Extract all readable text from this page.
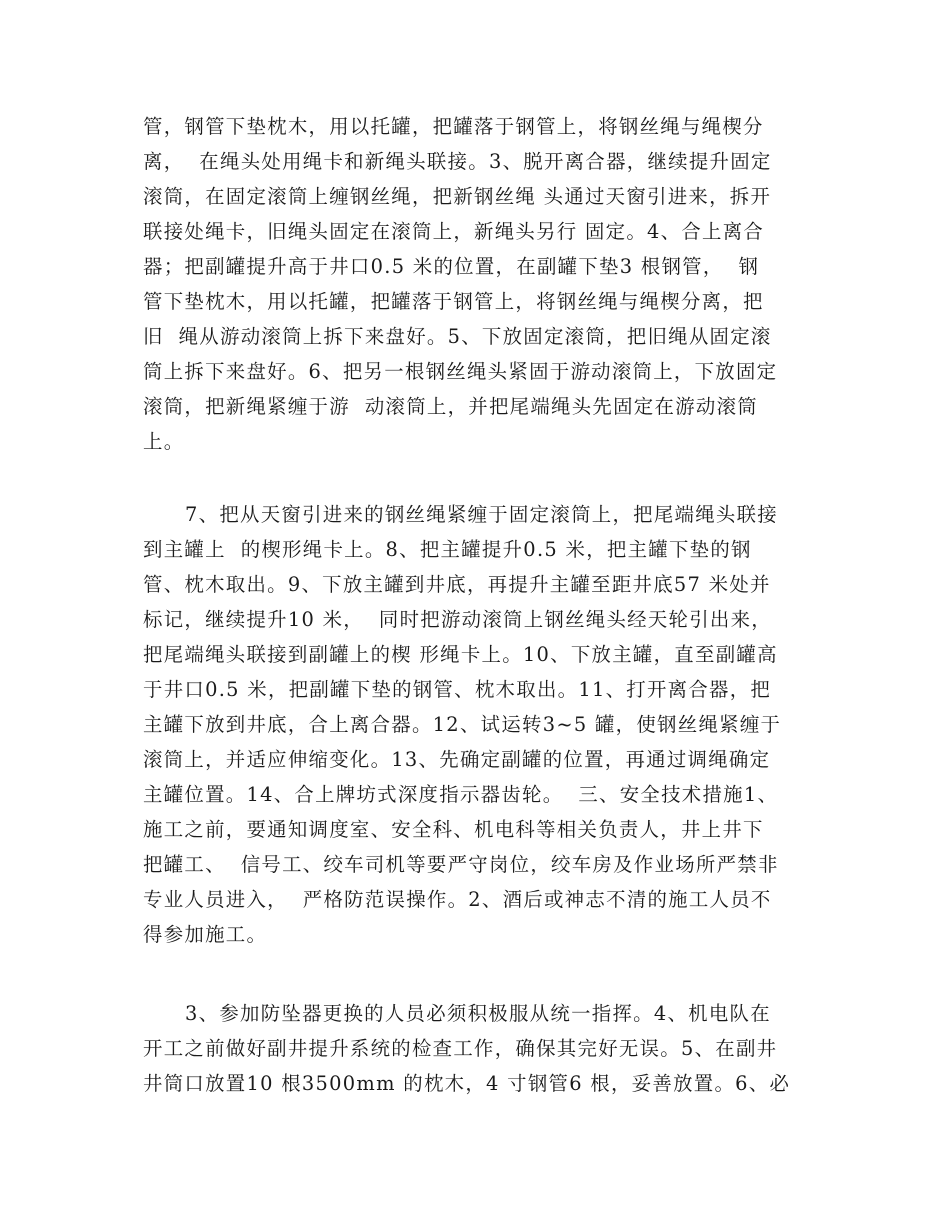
管，钢管下垫枕木，用以托罐，把罐落于钢管上，将钢丝绳与绳楔分
离，  在绳头处用绳卡和新绳头联接。3、脱开离合器，继续提升固定
滚筒，在固定滚筒上缠钢丝绳，把新钢丝绳 头通过天窗引进来，拆开
联接处绳卡，旧绳头固定在滚筒上，新绳头另行 固定。4、合上离合
器；把副罐提升高于井口0.5 米的位置，在副罐下垫3 根钢管，  钢
管下垫枕木，用以托罐，把罐落于钢管上，将钢丝绳与绳楔分离，把
旧  绳从游动滚筒上拆下来盘好。5、下放固定滚筒，把旧绳从固定滚
筒上拆下来盘好。6、把另一根钢丝绳头紧固于游动滚筒上，下放固定
滚筒，把新绳紧缠于游  动滚筒上，并把尾端绳头先固定在游动滚筒
上。
7、把从天窗引进来的钢丝绳紧缠于固定滚筒上，把尾端绳头联接
到主罐上  的楔形绳卡上。8、把主罐提升0.5 米，把主罐下垫的钢
管、枕木取出。9、下放主罐到井底，再提升主罐至距井底57 米处并
标记，继续提升10 米，  同时把游动滚筒上钢丝绳头经天轮引出来，
把尾端绳头联接到副罐上的楔 形绳卡上。10、下放主罐，直至副罐高
于井口0.5 米，把副罐下垫的钢管、枕木取出。11、打开离合器，把
主罐下放到井底，合上离合器。12、试运转3~5 罐，使钢丝绳紧缠于
滚筒上，并适应伸缩变化。13、先确定副罐的位置，再通过调绳确定
主罐位置。14、合上牌坊式深度指示器齿轮。  三、安全技术措施1、
施工之前，要通知调度室、安全科、机电科等相关负责人，井上井下
把罐工、  信号工、绞车司机等要严守岗位，绞车房及作业场所严禁非
专业人员进入，  严格防范误操作。2、酒后或神志不清的施工人员不
得参加施工。
3、参加防坠器更换的人员必须积极服从统一指挥。4、机电队在
开工之前做好副井提升系统的检查工作，确保其完好无误。5、在副井
井筒口放置10 根3500mm 的枕木，4 寸钢管6 根，妥善放置。6、必
